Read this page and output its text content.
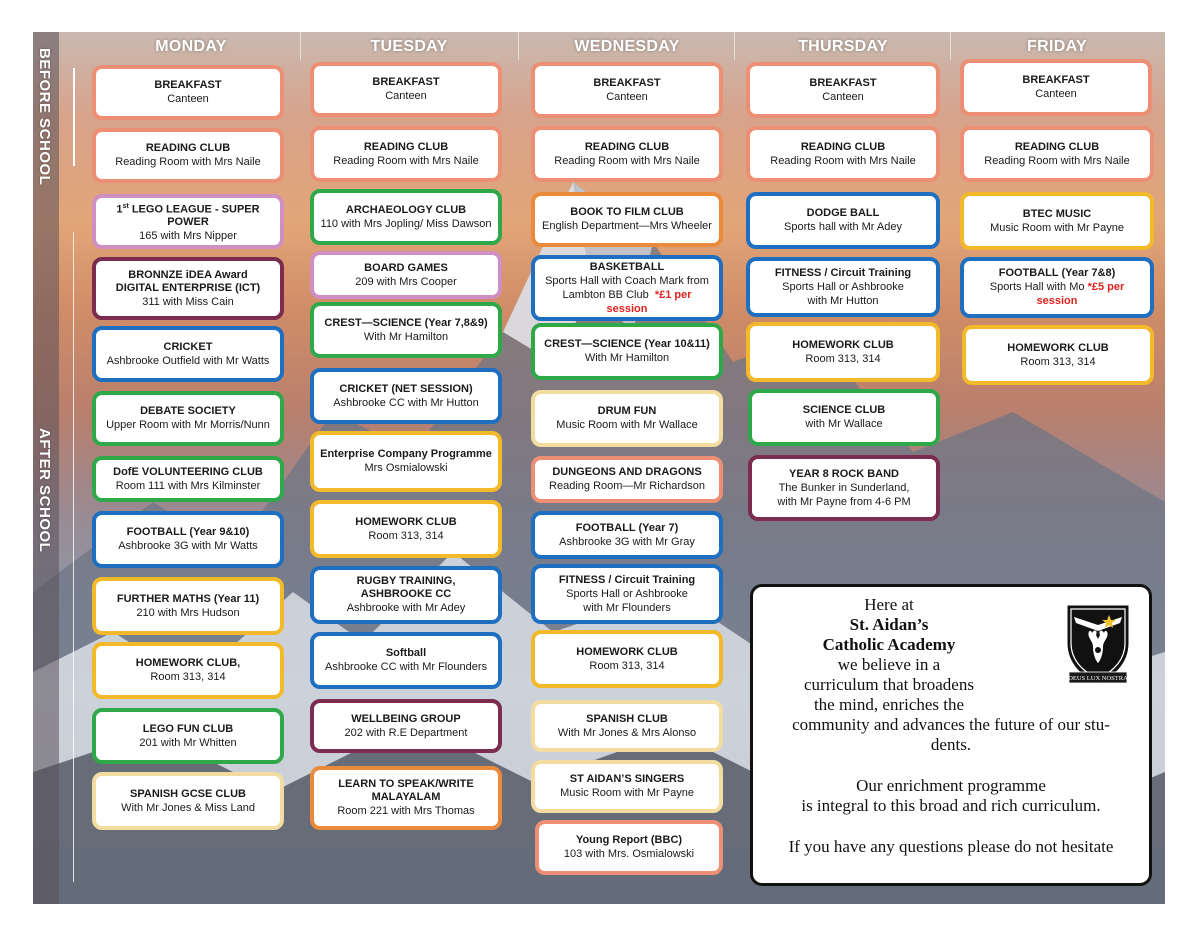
BEFORE SCHOOL
AFTER SCHOOL
MONDAY	TUESDAY	WEDNESDAY	THURSDAY	FRIDAY
BREAKFAST
Canteen
READING CLUB
Reading Room with Mrs Naile
1st LEGO LEAGUE - SUPER POWER
165 with Mrs Nipper
BRONNZE iDEA Award
DIGITAL ENTERPRISE (ICT)
311 with Miss Cain
CRICKET
Ashbrooke Outfield with Mr Watts
DEBATE SOCIETY
Upper Room with Mr Morris/Nunn
DofE VOLUNTEERING CLUB
Room 111 with Mrs Kilminster
FOOTBALL (Year 9&10)
Ashbrooke 3G with Mr Watts
FURTHER MATHS (Year 11)
210 with Mrs Hudson
HOMEWORK CLUB,
Room 313, 314
LEGO FUN CLUB
201 with Mr Whitten
SPANISH GCSE CLUB
With Mr Jones & Miss Land
BREAKFAST
Canteen
READING CLUB
Reading Room with Mrs Naile
ARCHAEOLOGY CLUB
110 with Mrs Jopling/ Miss Dawson
BOARD GAMES
209 with Mrs Cooper
CREST—SCIENCE (Year 7,8&9)
With Mr Hamilton
CRICKET (NET SESSION)
Ashbrooke CC with Mr Hutton
Enterprise Company Programme
Mrs Osmialowski
HOMEWORK CLUB
Room 313, 314
RUGBY TRAINING, ASHBROOKE CC
Ashbrooke with Mr Adey
Softball
Ashbrooke CC with Mr Flounders
WELLBEING GROUP
202 with R.E Department
LEARN TO SPEAK/WRITE
MALAYALAM
Room 221 with Mrs Thomas
BREAKFAST
Canteen
READING CLUB
Reading Room with Mrs Naile
BOOK TO FILM CLUB
English Department—Mrs Wheeler
BASKETBALL
Sports Hall with Coach Mark from
Lambton BB Club *£1 per session
CREST—SCIENCE (Year 10&11)
With Mr Hamilton
DRUM FUN
Music Room with Mr Wallace
DUNGEONS AND DRAGONS
Reading Room—Mr Richardson
FOOTBALL (Year 7)
Ashbrooke 3G with Mr Gray
FITNESS / Circuit Training
Sports Hall or Ashbrooke
with Mr Flounders
HOMEWORK CLUB
Room 313, 314
SPANISH CLUB
With Mr Jones & Mrs Alonso
ST AIDAN’S SINGERS
Music Room with Mr Payne
Young Report (BBC)
103 with Mrs. Osmialowski
BREAKFAST
Canteen
READING CLUB
Reading Room with Mrs Naile
DODGE BALL
Sports hall with Mr Adey
FITNESS / Circuit Training
Sports Hall or Ashbrooke
with Mr Hutton
HOMEWORK CLUB
Room 313, 314
SCIENCE CLUB
with Mr Wallace
YEAR 8 ROCK BAND
The Bunker in Sunderland,
with Mr Payne from 4-6 PM
BREAKFAST
Canteen
READING CLUB
Reading Room with Mrs Naile
BTEC MUSIC
Music Room with Mr Payne
FOOTBALL (Year 7&8)
Sports Hall with Mo *£5 per session
HOMEWORK CLUB
Room 313, 314
Here at
St. Aidan’s
Catholic Academy
we believe in a
curriculum that broadens
the mind, enriches the
community and advances the future of our stu-
dents.
Our enrichment programme
is integral to this broad and rich curriculum.
If you have any questions please do not hesitate
DEUS LUX NOSTRA
